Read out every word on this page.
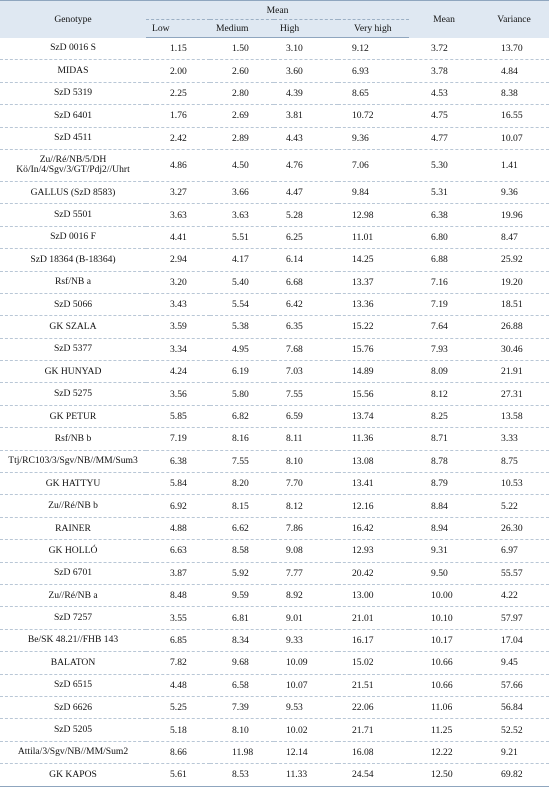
Genotype	Mean				Mean	Variance
	Low	Medium	High	Very high		
SzD 0016 S	1.15	1.50	3.10	9.12	3.72	13.70
MIDAS	2.00	2.60	3.60	6.93	3.78	4.84
SzD 5319	2.25	2.80	4.39	8.65	4.53	8.38
SzD 6401	1.76	2.69	3.81	10.72	4.75	16.55
SzD 4511	2.42	2.89	4.43	9.36	4.77	10.07
Zu//Ré/NB/5/DH Kö/In/4/Sgv/3/GT/Pdj2//Uhrt	4.86	4.50	4.76	7.06	5.30	1.41
GALLUS (SzD 8583)	3.27	3.66	4.47	9.84	5.31	9.36
SzD 5501	3.63	3.63	5.28	12.98	6.38	19.96
SzD 0016 F	4.41	5.51	6.25	11.01	6.80	8.47
SzD 18364 (B-18364)	2.94	4.17	6.14	14.25	6.88	25.92
Rsf/NB a	3.20	5.40	6.68	13.37	7.16	19.20
SzD 5066	3.43	5.54	6.42	13.36	7.19	18.51
GK SZALA	3.59	5.38	6.35	15.22	7.64	26.88
SzD 5377	3.34	4.95	7.68	15.76	7.93	30.46
GK HUNYAD	4.24	6.19	7.03	14.89	8.09	21.91
SzD 5275	3.56	5.80	7.55	15.56	8.12	27.31
GK PETUR	5.85	6.82	6.59	13.74	8.25	13.58
Rsf/NB b	7.19	8.16	8.11	11.36	8.71	3.33
Ttj/RC103/3/Sgv/NB//MM/Sum3	6.38	7.55	8.10	13.08	8.78	8.75
GK HATTYU	5.84	8.20	7.70	13.41	8.79	10.53
Zu//Ré/NB b	6.92	8.15	8.12	12.16	8.84	5.22
RAINER	4.88	6.62	7.86	16.42	8.94	26.30
GK HOLLÓ	6.63	8.58	9.08	12.93	9.31	6.97
SzD 6701	3.87	5.92	7.77	20.42	9.50	55.57
Zu//Ré/NB a	8.48	9.59	8.92	13.00	10.00	4.22
SzD 7257	3.55	6.81	9.01	21.01	10.10	57.97
Be/SK 48.21//FHB 143	6.85	8.34	9.33	16.17	10.17	17.04
BALATON	7.82	9.68	10.09	15.02	10.66	9.45
SzD 6515	4.48	6.58	10.07	21.51	10.66	57.66
SzD 6626	5.25	7.39	9.53	22.06	11.06	56.84
SzD 5205	5.18	8.10	10.02	21.71	11.25	52.52
Attila/3/Sgv/NB//MM/Sum2	8.66	11.98	12.14	16.08	12.22	9.21
GK KAPOS	5.61	8.53	11.33	24.54	12.50	69.82
